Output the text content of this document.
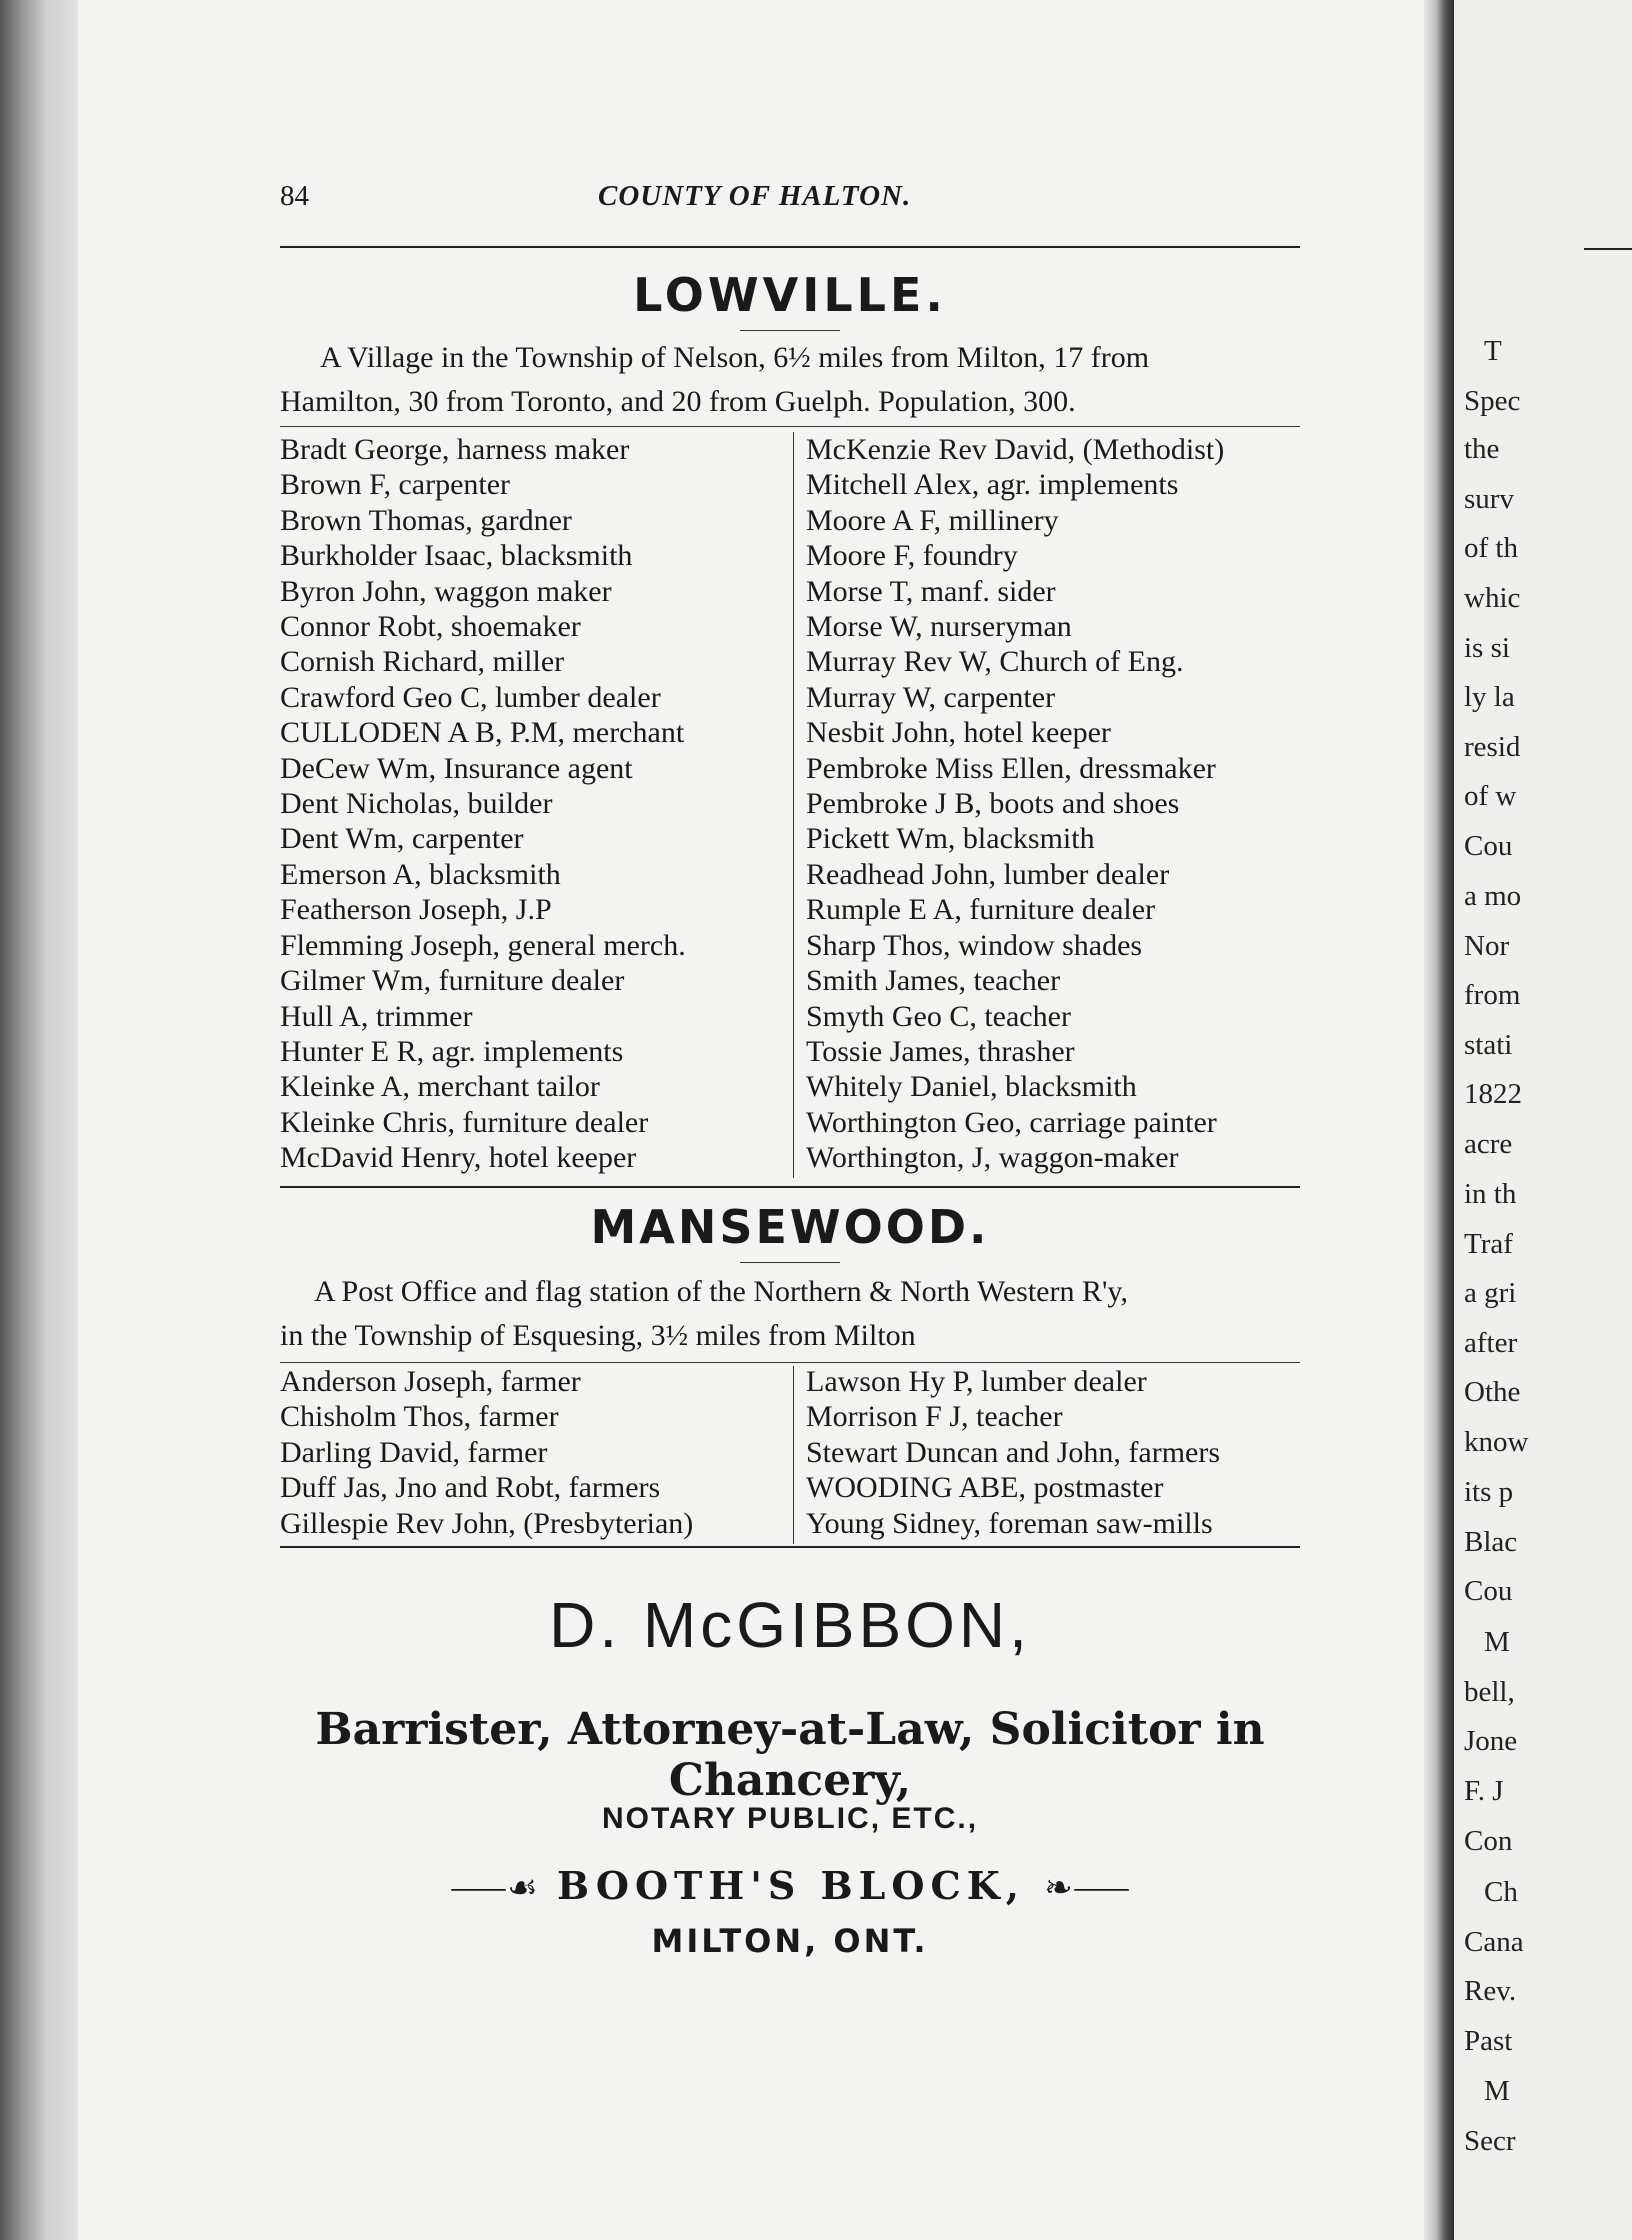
84	COUNTY OF HALTON.
LOWVILLE.
A Village in the Township of Nelson, 6½ miles from Milton, 17 from
Hamilton, 30 from Toronto, and 20 from Guelph. Population, 300.
Bradt George, harness maker
Brown F, carpenter
Brown Thomas, gardner
Burkholder Isaac, blacksmith
Byron John, waggon maker
Connor Robt, shoemaker
Cornish Richard, miller
Crawford Geo C, lumber dealer
CULLODEN A B, P.M, merchant
DeCew Wm, Insurance agent
Dent Nicholas, builder
Dent Wm, carpenter
Emerson A, blacksmith
Featherson Joseph, J.P
Flemming Joseph, general merch.
Gilmer Wm, furniture dealer
Hull A, trimmer
Hunter E R, agr. implements
Kleinke A, merchant tailor
Kleinke Chris, furniture dealer
McDavid Henry, hotel keeper
McKenzie Rev David, (Methodist)
Mitchell Alex, agr. implements
Moore A F, millinery
Moore F, foundry
Morse T, manf. sider
Morse W, nurseryman
Murray Rev W, Church of Eng.
Murray W, carpenter
Nesbit John, hotel keeper
Pembroke Miss Ellen, dressmaker
Pembroke J B, boots and shoes
Pickett Wm, blacksmith
Readhead John, lumber dealer
Rumple E A, furniture dealer
Sharp Thos, window shades
Smith James, teacher
Smyth Geo C, teacher
Tossie James, thrasher
Whitely Daniel, blacksmith
Worthington Geo, carriage painter
Worthington, J, waggon-maker
MANSEWOOD.
A Post Office and flag station of the Northern & North Western R'y,
in the Township of Esquesing, 3½ miles from Milton
Anderson Joseph, farmer
Chisholm Thos, farmer
Darling David, farmer
Duff Jas, Jno and Robt, farmers
Gillespie Rev John, (Presbyterian)
Lawson Hy P, lumber dealer
Morrison F J, teacher
Stewart Duncan and John, farmers
WOODING ABE, postmaster
Young Sidney, foreman saw-mills
D. McGIBBON,
Barrister, Attorney-at-Law, Solicitor in Chancery,
NOTARY PUBLIC, ETC.,
⸺☙ BOOTH'S BLOCK, ❧⸺
MILTON, ONT.
T
Spec
the
surv
of th
whic
is si
ly la
resid
of w
Cou
a mo
Nor
from
stati
1822
acre
in th
Traf
a gri
after
Othe
know
its p
Blac
Cou
M
bell,
Jone
F. J
Con
Ch
Cana
Rev.
Past
M
Secr
